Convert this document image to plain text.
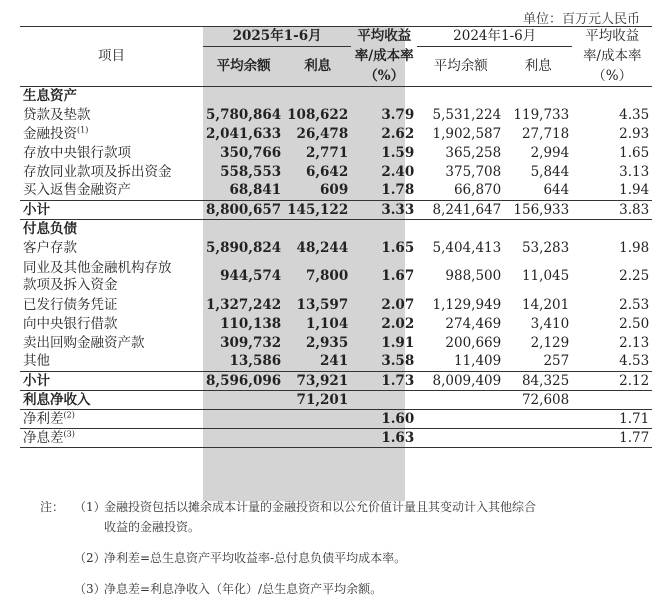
单位：百万元人民币
项目	2025年1-6月		平均收益	2024年1-6月		平均收益
	平均余额	利息	率/成本率	平均余额	利息	率/成本率
			（%）			（%）
生息资产						
贷款及垫款	5,780,864	108,622	3.79	5,531,224	119,733	4.35
金融投资$^{(1)}$	2,041,633	26,478	2.62	1,902,587	27,718	2.93
存放中央银行款项	350,766	2,771	1.59	365,258	2,994	1.65
存放同业款项及拆出资金	558,553	6,642	2.40	375,708	5,844	3.13
买入返售金融资产	68,841	609	1.78	66,870	644	1.94
小计	8,800,657	145,122	3.33	8,241,647	156,933	3.83
付息负债						
客户存款	5,890,824	48,244	1.65	5,404,413	53,283	1.98
同业及其他金融机构存放
款项及拆入资金	944,574	7,800	1.67	988,500	11,045	2.25
已发行债务凭证	1,327,242	13,597	2.07	1,129,949	14,201	2.53
向中央银行借款	110,138	1,104	2.02	274,469	3,410	2.50
卖出回购金融资产款	309,732	2,935	1.91	200,669	2,129	2.13
其他	13,586	241	3.58	11,409	257	4.53
小计	8,596,096	73,921	1.73	8,009,409	84,325	2.12
利息净收入		71,201			72,608	
净利差$^{(2)}$			1.60			1.71
净息差$^{(3)}$			1.63			1.77
注： （1）金融投资包括以摊余成本计量的金融投资和以公允价值计量且其变动计入其他综合
收益的金融投资。
（2）净利差=总生息资产平均收益率-总付息负债平均成本率。
（3）净息差=利息净收入（年化）/总生息资产平均余额。
